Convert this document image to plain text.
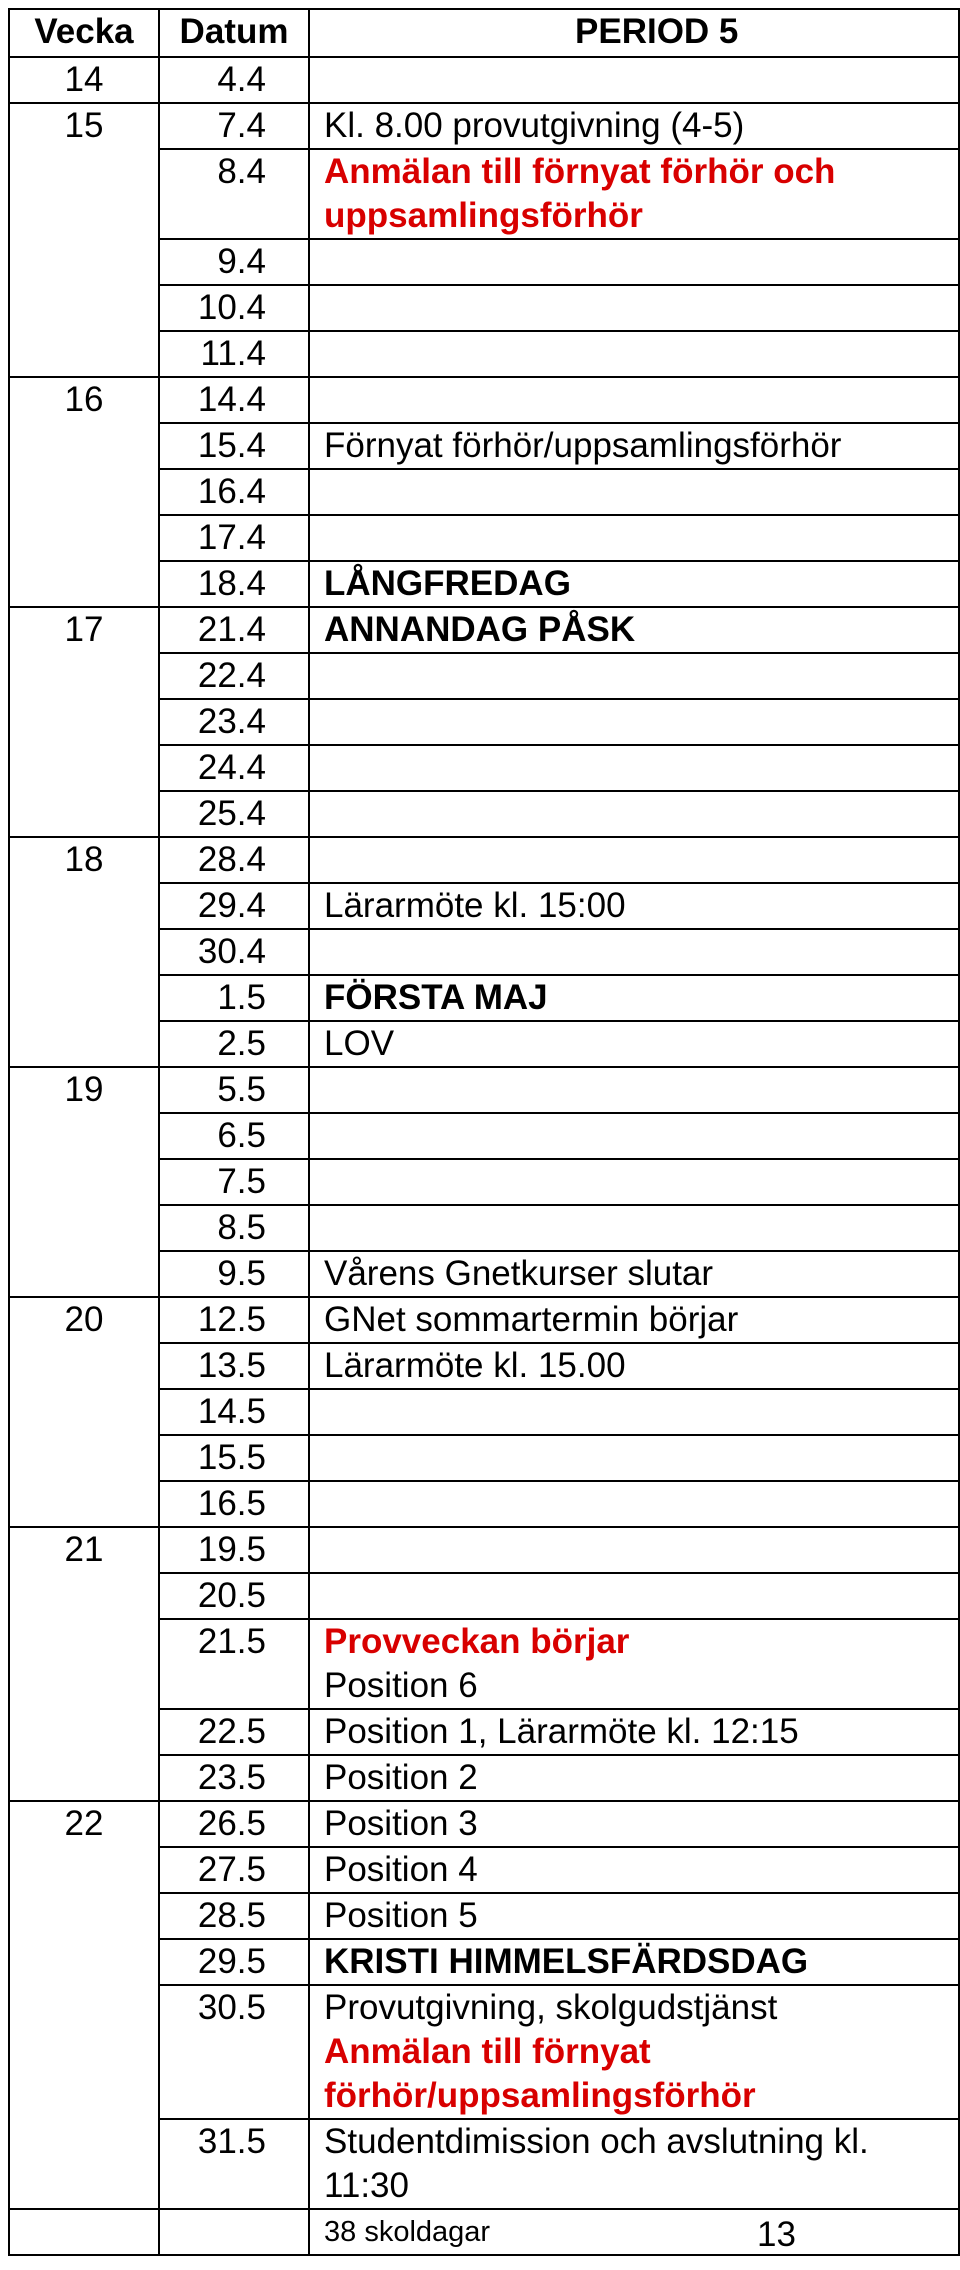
Vecka	Datum	PERIOD 5
14	4.4	
15	7.4	Kl. 8.00 provutgivning (4-5)

	8.4	Anmälan till förnyat förhör och
uppsamlingsförhör

	9.4	
	10.4	
	11.4	
16	14.4	
	15.4	Förnyat förhör/uppsamlingsförhör

	16.4	
	17.4	
	18.4	LÅNGFREDAG

17	21.4	ANNANDAG PÅSK

	22.4	
	23.4	
	24.4	
	25.4	
18	28.4	
	29.4	Lärarmöte kl. 15:00

	30.4	
	1.5	FÖRSTA MAJ

	2.5	LOV

19	5.5	
	6.5	
	7.5	
	8.5	
	9.5	Vårens Gnetkurser slutar

20	12.5	GNet sommartermin börjar

	13.5	Lärarmöte kl. 15.00

	14.5	
	15.5	
	16.5	
21	19.5	
	20.5	
	21.5	Provveckan börjar
Position 6

	22.5	Position 1, Lärarmöte kl. 12:15

	23.5	Position 2

22	26.5	Position 3

	27.5	Position 4

	28.5	Position 5

	29.5	KRISTI HIMMELSFÄRDSDAG

	30.5	Provutgivning, skolgudstjänst
Anmälan till förnyat
förhör/uppsamlingsförhör

	31.5	Studentdimission och avslutning kl.
11:30

		38 skoldagar	13
